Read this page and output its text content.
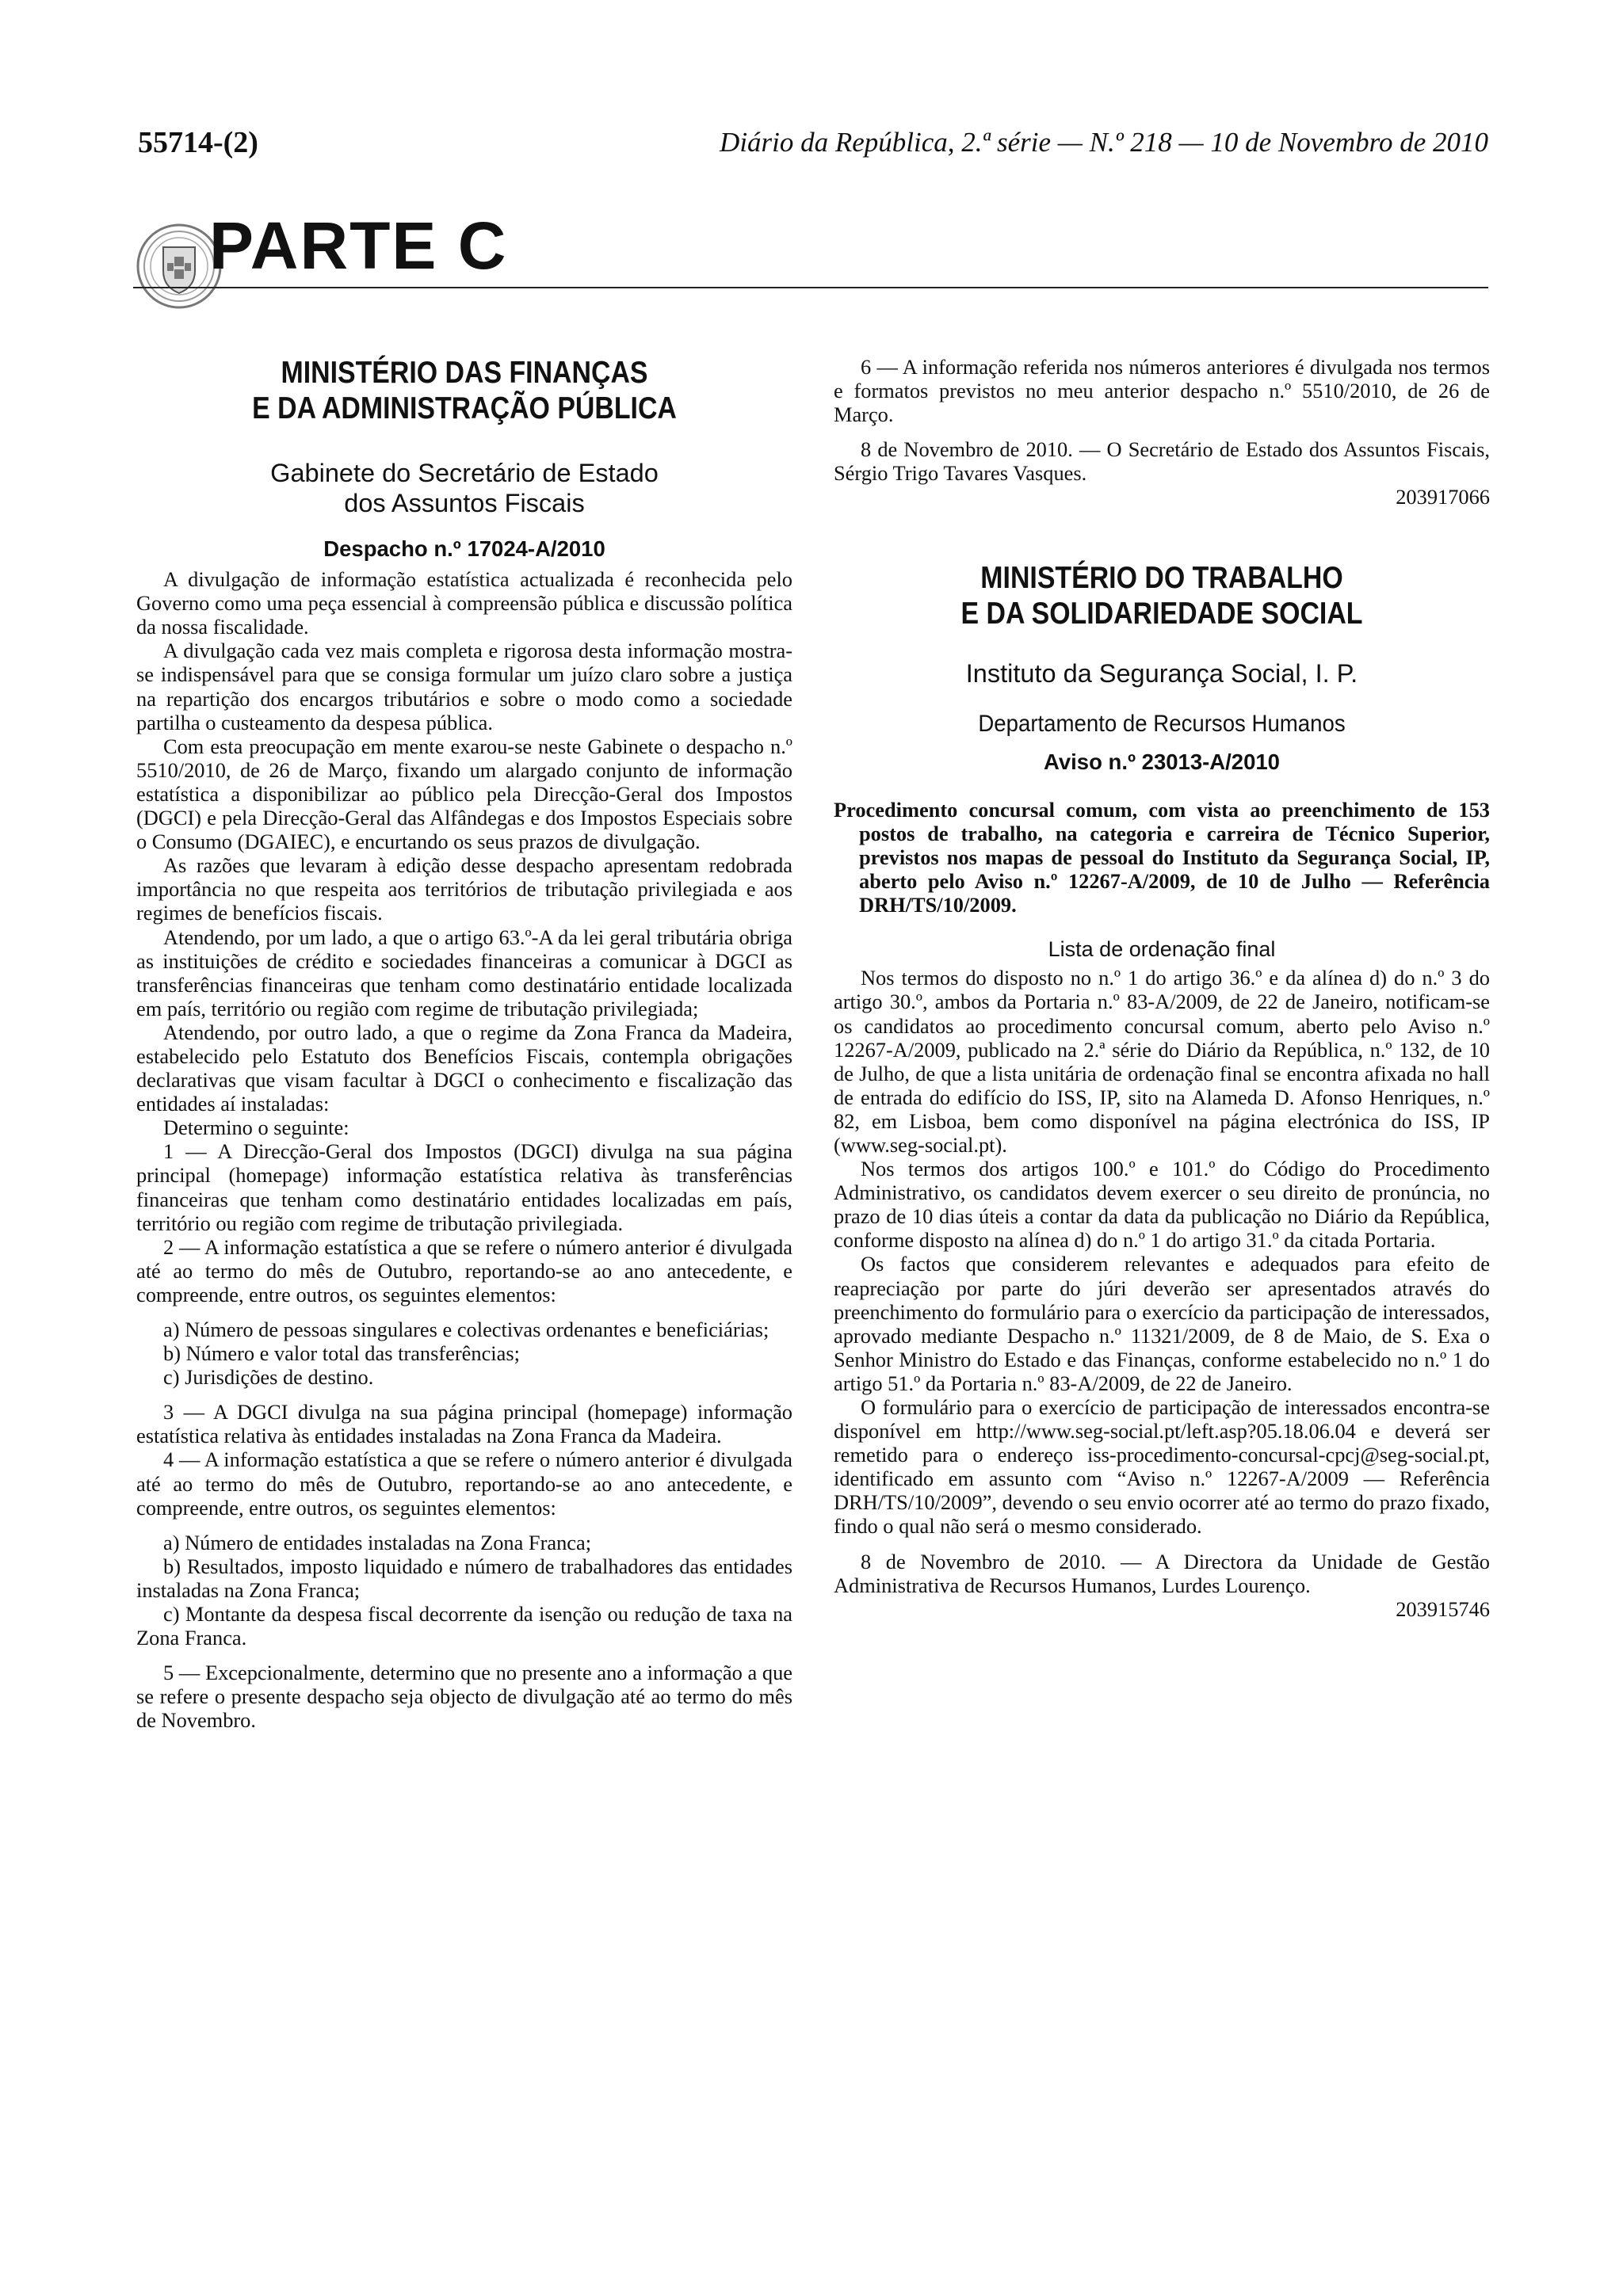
55714-(2)	Diário da República, 2.ª série — N.º 218 — 10 de Novembro de 2010
PARTE C
MINISTÉRIO DAS FINANÇAS
E DA ADMINISTRAÇÃO PÚBLICA
Gabinete do Secretário de Estado
dos Assuntos Fiscais
Despacho n.º 17024-A/2010

A divulgação de informação estatística actualizada é reconhecida pelo Governo como uma peça essencial à compreensão pública e discussão política da nossa fiscalidade.

A divulgação cada vez mais completa e rigorosa desta informação mostra-se indispensável para que se consiga formular um juízo claro sobre a justiça na repartição dos encargos tributários e sobre o modo como a sociedade partilha o custeamento da despesa pública.

Com esta preocupação em mente exarou-se neste Gabinete o despacho n.º 5510/2010, de 26 de Março, fixando um alargado conjunto de informação estatística a disponibilizar ao público pela Direcção-Geral dos Impostos (DGCI) e pela Direcção-Geral das Alfândegas e dos Impostos Especiais sobre o Consumo (DGAIEC), e encurtando os seus prazos de divulgação.

As razões que levaram à edição desse despacho apresentam redobrada importância no que respeita aos territórios de tributação privilegiada e aos regimes de benefícios fiscais.

Atendendo, por um lado, a que o artigo 63.º-A da lei geral tributária obriga as instituições de crédito e sociedades financeiras a comunicar à DGCI as transferências financeiras que tenham como destinatário entidade localizada em país, território ou região com regime de tributação privilegiada;

Atendendo, por outro lado, a que o regime da Zona Franca da Madeira, estabelecido pelo Estatuto dos Benefícios Fiscais, contempla obrigações declarativas que visam facultar à DGCI o conhecimento e fiscalização das entidades aí instaladas:

Determino o seguinte:

1 — A Direcção-Geral dos Impostos (DGCI) divulga na sua página principal (homepage) informação estatística relativa às transferências financeiras que tenham como destinatário entidades localizadas em país, território ou região com regime de tributação privilegiada.

2 — A informação estatística a que se refere o número anterior é divulgada até ao termo do mês de Outubro, reportando-se ao ano antecedente, e compreende, entre outros, os seguintes elementos:

a) Número de pessoas singulares e colectivas ordenantes e beneficiárias;

b) Número e valor total das transferências;

c) Jurisdições de destino.

3 — A DGCI divulga na sua página principal (homepage) informação estatística relativa às entidades instaladas na Zona Franca da Madeira.

4 — A informação estatística a que se refere o número anterior é divulgada até ao termo do mês de Outubro, reportando-se ao ano antecedente, e compreende, entre outros, os seguintes elementos:

a) Número de entidades instaladas na Zona Franca;

b) Resultados, imposto liquidado e número de trabalhadores das entidades instaladas na Zona Franca;

c) Montante da despesa fiscal decorrente da isenção ou redução de taxa na Zona Franca.

5 — Excepcionalmente, determino que no presente ano a informação a que se refere o presente despacho seja objecto de divulgação até ao termo do mês de Novembro.

6 — A informação referida nos números anteriores é divulgada nos termos e formatos previstos no meu anterior despacho n.º 5510/2010, de 26 de Março.

8 de Novembro de 2010. — O Secretário de Estado dos Assuntos Fiscais, Sérgio Trigo Tavares Vasques.

203917066

MINISTÉRIO DO TRABALHO
E DA SOLIDARIEDADE SOCIAL
Instituto da Segurança Social, I. P.
Departamento de Recursos Humanos
Aviso n.º 23013-A/2010

Procedimento concursal comum, com vista ao preenchimento de 153 postos de trabalho, na categoria e carreira de Técnico Superior, previstos nos mapas de pessoal do Instituto da Segurança Social, IP, aberto pelo Aviso n.º 12267-A/2009, de 10 de Julho — Referência DRH/TS/10/2009.

Lista de ordenação final

Nos termos do disposto no n.º 1 do artigo 36.º e da alínea d) do n.º 3 do artigo 30.º, ambos da Portaria n.º 83-A/2009, de 22 de Janeiro, notificam-se os candidatos ao procedimento concursal comum, aberto pelo Aviso n.º 12267-A/2009, publicado na 2.ª série do Diário da República, n.º 132, de 10 de Julho, de que a lista unitária de ordenação final se encontra afixada no hall de entrada do edifício do ISS, IP, sito na Alameda D. Afonso Henriques, n.º 82, em Lisboa, bem como disponível na página electrónica do ISS, IP (www.seg-social.pt).

Nos termos dos artigos 100.º e 101.º do Código do Procedimento Administrativo, os candidatos devem exercer o seu direito de pronúncia, no prazo de 10 dias úteis a contar da data da publicação no Diário da República, conforme disposto na alínea d) do n.º 1 do artigo 31.º da citada Portaria.

Os factos que considerem relevantes e adequados para efeito de reapreciação por parte do júri deverão ser apresentados através do preenchimento do formulário para o exercício da participação de interessados, aprovado mediante Despacho n.º 11321/2009, de 8 de Maio, de S. Exa o Senhor Ministro do Estado e das Finanças, conforme estabelecido no n.º 1 do artigo 51.º da Portaria n.º 83-A/2009, de 22 de Janeiro.

O formulário para o exercício de participação de interessados encontra-se disponível em http://www.seg-social.pt/left.asp?05.18.06.04 e deverá ser remetido para o endereço iss-procedimento-concursal-cpcj@seg-social.pt, identificado em assunto com “Aviso n.º 12267-A/2009 — Referência DRH/TS/10/2009”, devendo o seu envio ocorrer até ao termo do prazo fixado, findo o qual não será o mesmo considerado.

8 de Novembro de 2010. — A Directora da Unidade de Gestão Administrativa de Recursos Humanos, Lurdes Lourenço.

203915746
